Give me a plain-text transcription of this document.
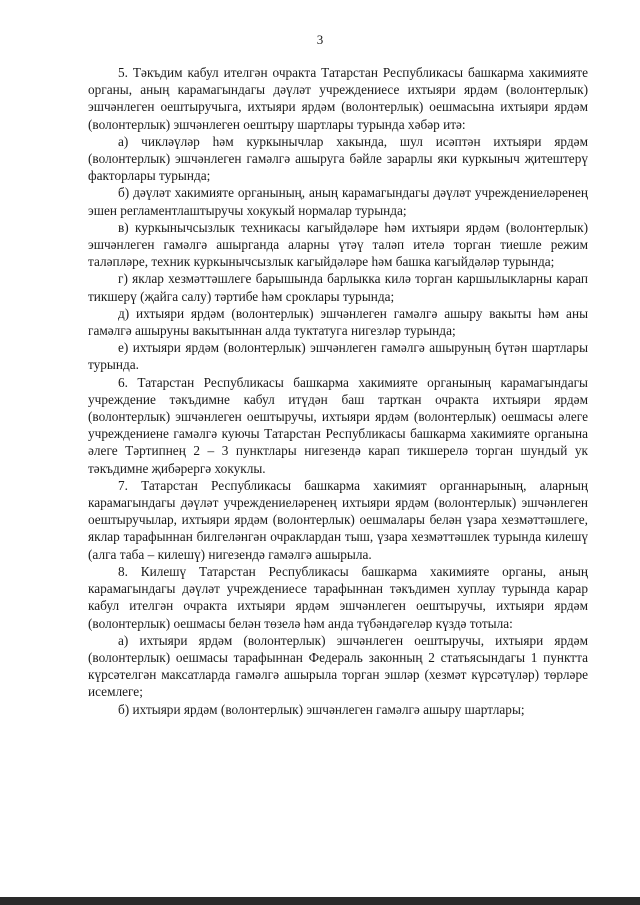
3

5. Тәкъдим кабул ителгән очракта Татарстан Республикасы башкарма хакимияте органы, аның карамагындагы дәүләт учреждениесе ихтыяри ярдәм (волонтерлык) эшчәнлеген оештыручыга, ихтыяри ярдәм (волонтерлык) оешмасына ихтыяри ярдәм (волонтерлык) эшчәнлеген оештыру шартлары турында хәбәр итә:

а) чикләүләр һәм куркынычлар хакында, шул исәптән ихтыяри ярдәм (волонтерлык) эшчәнлеген гамәлгә ашыруга бәйле зарарлы яки куркыныч җитештерү факторлары турында;

б) дәүләт хакимияте органының, аның карамагындагы дәүләт учреждениеләренең эшен регламентлаштыручы хокукый нормалар турында;

в) куркынычсызлык техникасы кагыйдәләре һәм ихтыяри ярдәм (волонтерлык) эшчәнлеген гамәлгә ашырганда аларны үтәү таләп ителә торган тиешле режим таләпләре, техник куркынычсызлык кагыйдәләре һәм башка кагыйдәләр турында;

г) яклар хезмәттәшлеге барышында барлыкка килә торган каршылыкларны карап тикшерү (җайга салу) тәртибе һәм сроклары турында;

д) ихтыяри ярдәм (волонтерлык) эшчәнлеген гамәлгә ашыру вакыты һәм аны гамәлгә ашыруны вакытыннан алда туктатуга нигезләр турында;

е) ихтыяри ярдәм (волонтерлык) эшчәнлеген гамәлгә ашыруның бүтән шартлары турында.

6. Татарстан Республикасы башкарма хакимияте органының карамагындагы учреждение тәкъдимне кабул итүдән баш тарткан очракта ихтыяри ярдәм (волонтерлык) эшчәнлеген оештыручы, ихтыяри ярдәм (волонтерлык) оешмасы әлеге учреждениене гамәлгә куючы Татарстан Республикасы башкарма хакимияте органына әлеге Тәртипнең 2 – 3 пунктлары нигезендә карап тикшерелә торган шундый ук тәкъдимне җибәрергә хокуклы.

7. Татарстан Республикасы башкарма хакимият органнарының, аларның карамагындагы дәүләт учреждениеләренең ихтыяри ярдәм (волонтерлык) эшчәнлеген оештыручылар, ихтыяри ярдәм (волонтерлык) оешмалары белән үзара хезмәттәшлеге, яклар тарафыннан билгеләнгән очраклардан тыш, үзара хезмәттәшлек турында килешү (алга таба – килешү) нигезендә гамәлгә ашырыла.

8. Килешү Татарстан Республикасы башкарма хакимияте органы, аның карамагындагы дәүләт учреждениесе тарафыннан тәкъдимен хуплау турында карар кабул ителгән очракта ихтыяри ярдәм эшчәнлеген оештыручы, ихтыяри ярдәм (волонтерлык) оешмасы белән төзелә һәм анда түбәндәгеләр күздә тотыла:

а) ихтыяри ярдәм (волонтерлык) эшчәнлеген оештыручы, ихтыяри ярдәм (волонтерлык) оешмасы тарафыннан Федераль законның 2 статьясындагы 1 пунктта күрсәтелгән максатларда гамәлгә ашырыла торган эшләр (хезмәт күрсәтүләр) төрләре исемлеге;

б) ихтыяри ярдәм (волонтерлык) эшчәнлеген гамәлгә ашыру шартлары;
